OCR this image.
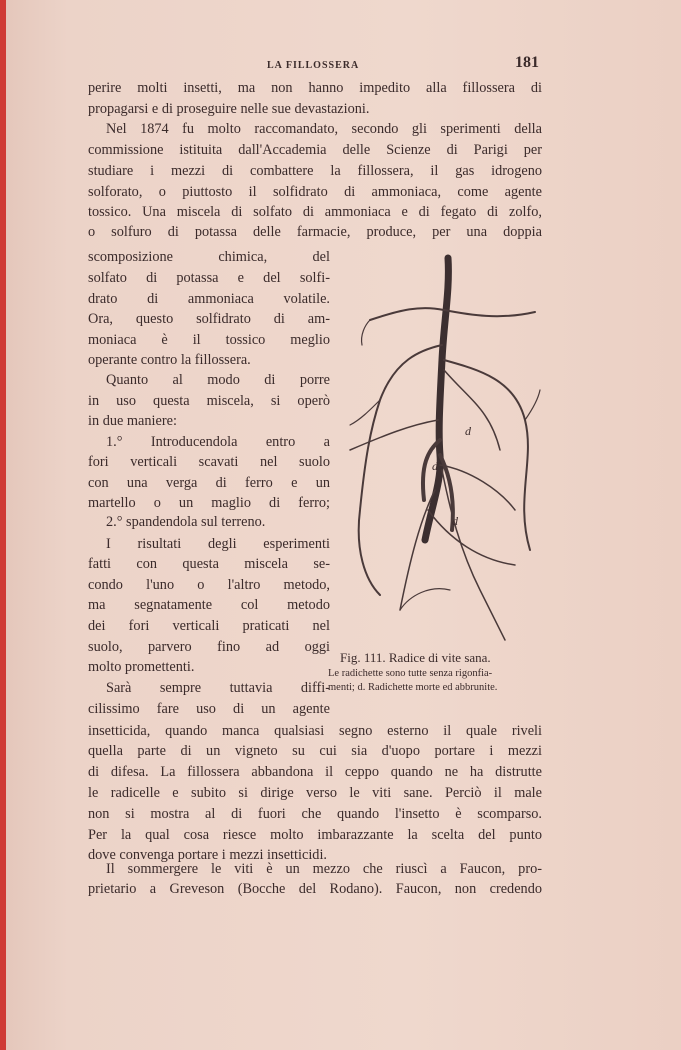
LA FILLOSSERA	181
perire molti insetti, ma non hanno impedito alla fillossera di
propagarsi e di proseguire nelle sue devastazioni.
Nel 1874 fu molto raccomandato, secondo gli sperimenti della
commissione istituita dall'Accademia delle Scienze di Parigi per
studiare i mezzi di combattere la fillossera, il gas idrogeno
solforato, o piuttosto il solfidrato di ammoniaca, come agente
tossico. Una miscela di solfato di ammoniaca e di fegato di zolfo,
o solfuro di potassa delle farmacie, produce, per una doppia
scomposizione chimica, del
solfato di potassa e del solfi-
drato di ammoniaca volatile.
Ora, questo solfidrato di am-
moniaca è il tossico meglio
operante contro la fillossera.
Quanto al modo di porre
in uso questa miscela, si operò
in due maniere:
1.° Introducendola entro a
fori verticali scavati nel suolo
con una verga di ferro e un
martello o un maglio di ferro;
2.° spandendola sul terreno.
I risultati degli esperimenti
fatti con questa miscela se-
condo l'uno o l'altro metodo,
ma segnatamente col metodo
dei fori verticali praticati nel
suolo, parvero fino ad oggi
molto promettenti.
Sarà sempre tuttavia diffi-
cilissimo fare uso di un agente
insetticida, quando manca qualsiasi segno esterno il quale riveli
quella parte di un vigneto su cui sia d'uopo portare i mezzi
di difesa. La fillossera abbandona il ceppo quando ne ha distrutte
le radicelle e subito si dirige verso le viti sane. Perciò il male
non si mostra al di fuori che quando l'insetto è scomparso.
Per la qual cosa riesce molto imbarazzante la scelta del punto
dove convenga portare i mezzi insetticidi.
Il sommergere le viti è un mezzo che riuscì a Faucon, pro-
prietario a Greveson (Bocche del Rodano). Faucon, non credendo
d
d
d
Fig. 111. Radice di vite sana.
Le radichette sono tutte senza rigonfia-
menti; d. Radichette morte ed abbrunite.
